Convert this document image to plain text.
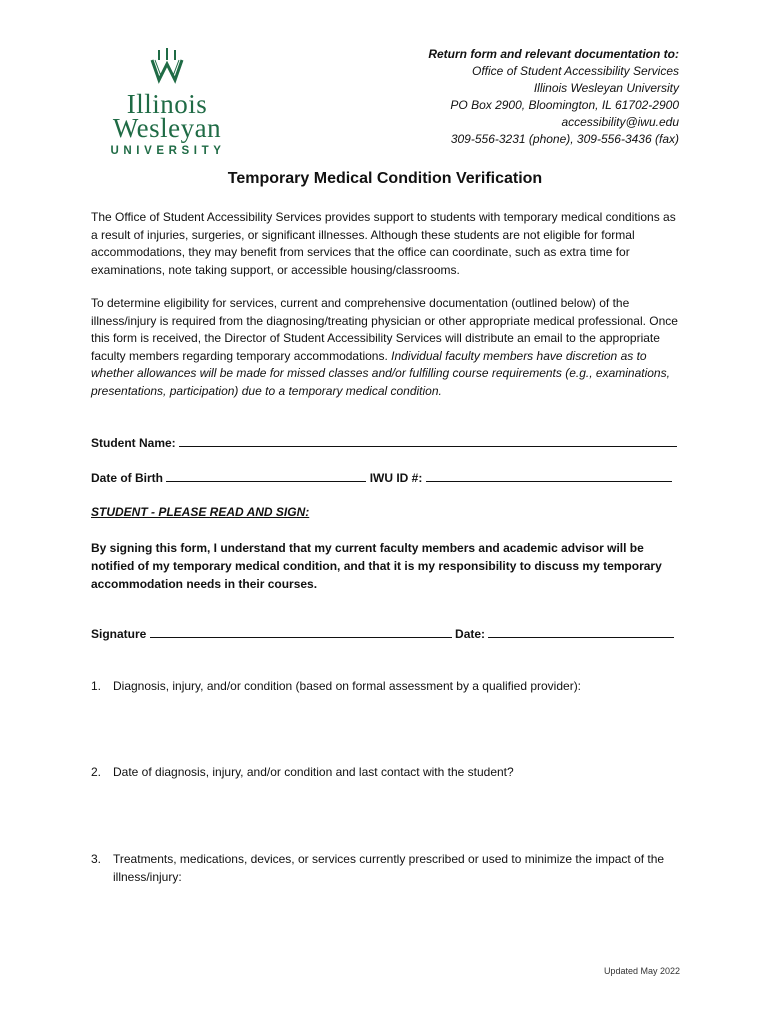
Illinois
Wesleyan
UNIVERSITY
Return form and relevant documentation to:
Office of Student Accessibility Services
Illinois Wesleyan University
PO Box 2900, Bloomington, IL 61702-2900
accessibility@iwu.edu
309-556-3231 (phone), 309-556-3436 (fax)
Temporary Medical Condition Verification
The Office of Student Accessibility Services provides support to students with temporary medical conditions as a result of injuries, surgeries, or significant illnesses. Although these students are not eligible for formal accommodations, they may benefit from services that the office can coordinate, such as extra time for examinations, note taking support, or accessible housing/classrooms.
To determine eligibility for services, current and comprehensive documentation (outlined below) of the illness/injury is required from the diagnosing/treating physician or other appropriate medical professional. Once this form is received, the Director of Student Accessibility Services will distribute an email to the appropriate faculty members regarding temporary accommodations. Individual faculty members have discretion as to whether allowances will be made for missed classes and/or fulfilling course requirements (e.g., examinations, presentations, participation) due to a temporary medical condition.
Student Name:
Date of Birth	IWU ID #:
STUDENT - PLEASE READ AND SIGN:
By signing this form, I understand that my current faculty members and academic advisor will be notified of my temporary medical condition, and that it is my responsibility to discuss my temporary accommodation needs in their courses.
Signature	Date:
1. Diagnosis, injury, and/or condition (based on formal assessment by a qualified provider):
2. Date of diagnosis, injury, and/or condition and last contact with the student?
3. Treatments, medications, devices, or services currently prescribed or used to minimize the impact of the illness/injury:
Updated May 2022
